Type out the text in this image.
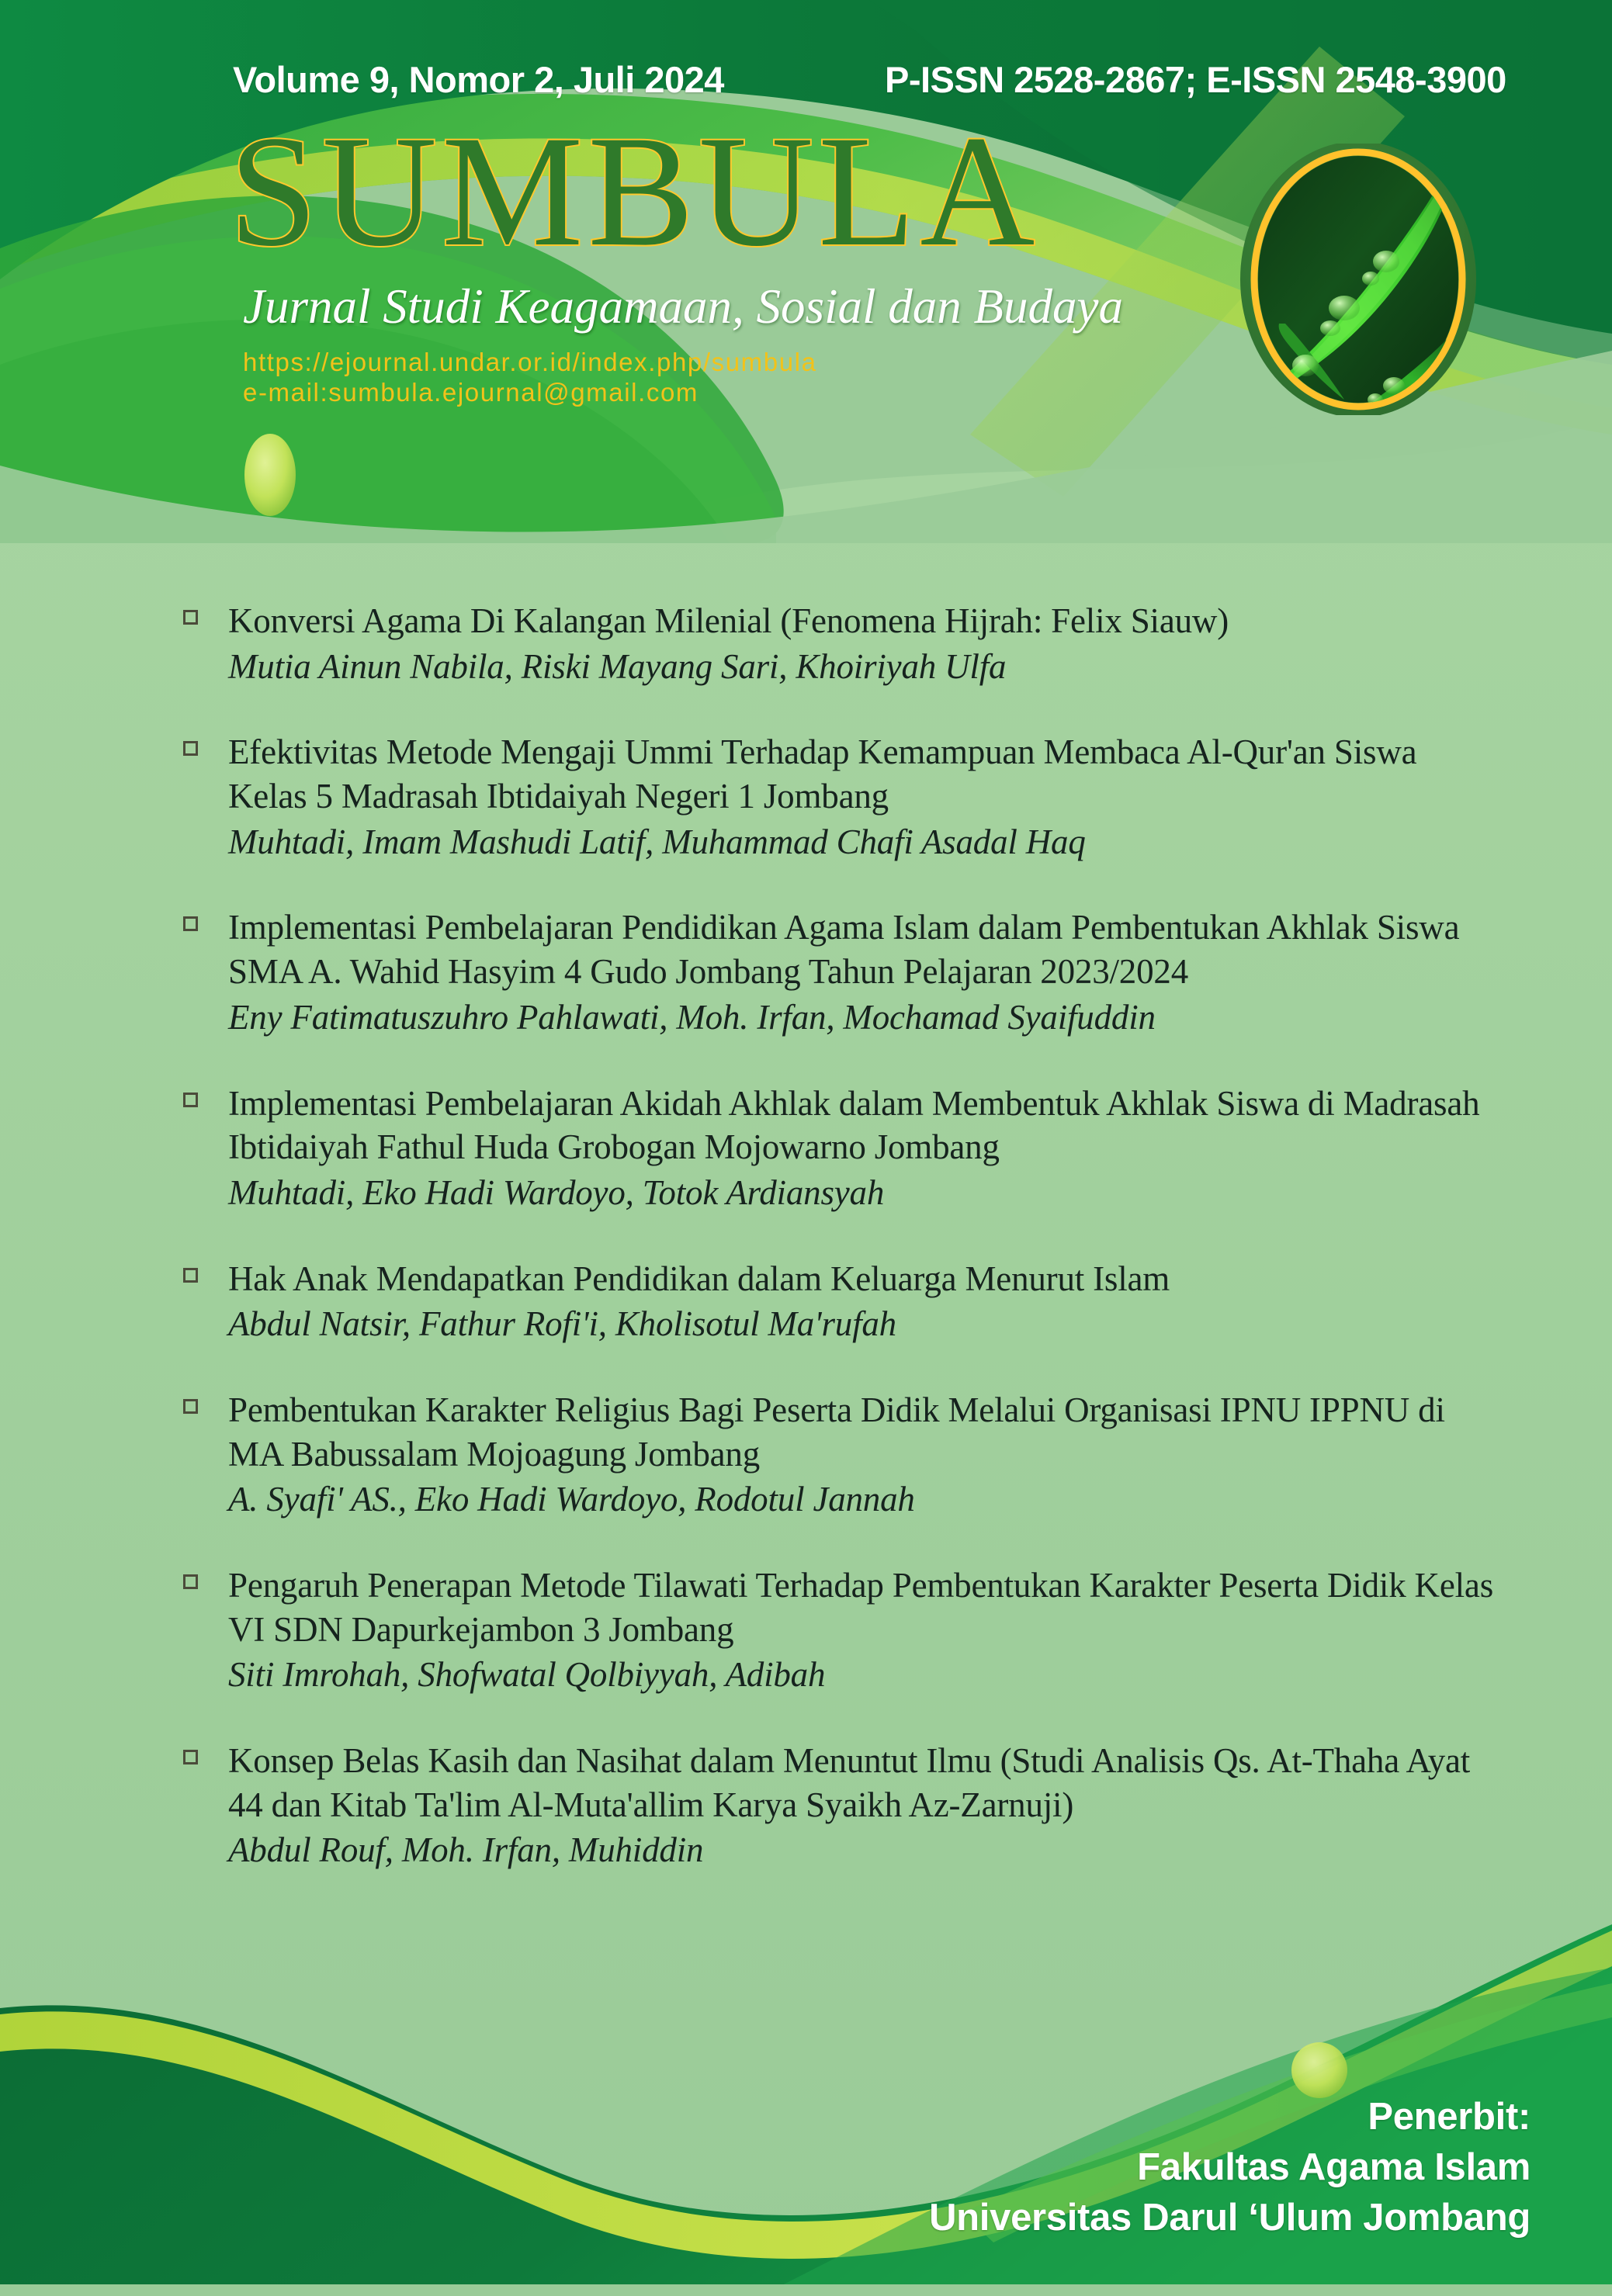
Volume 9, Nomor 2, Juli 2024	P-ISSN 2528-2867; E-ISSN 2548-3900
SUMBULA
Jurnal Studi Keagamaan, Sosial dan Budaya
https://ejournal.undar.or.id/index.php/sumbula
e-mail:sumbula.ejournal@gmail.com
Konversi Agama Di Kalangan Milenial (Fenomena Hijrah: Felix Siauw)
Mutia Ainun Nabila, Riski Mayang Sari, Khoiriyah Ulfa
Efektivitas Metode Mengaji Ummi Terhadap Kemampuan Membaca Al-Qur'an Siswa Kelas 5 Madrasah Ibtidaiyah Negeri 1 Jombang
Muhtadi, Imam Mashudi Latif, Muhammad Chafi Asadal Haq
Implementasi Pembelajaran Pendidikan Agama Islam dalam Pembentukan Akhlak Siswa SMA A. Wahid Hasyim 4 Gudo Jombang Tahun Pelajaran 2023/2024
Eny Fatimatuszuhro Pahlawati, Moh. Irfan, Mochamad Syaifuddin
Implementasi Pembelajaran Akidah Akhlak dalam Membentuk Akhlak Siswa di Madrasah Ibtidaiyah Fathul Huda Grobogan Mojowarno Jombang
Muhtadi, Eko Hadi Wardoyo, Totok Ardiansyah
Hak Anak Mendapatkan Pendidikan dalam Keluarga Menurut Islam
Abdul Natsir, Fathur Rofi'i, Kholisotul Ma'rufah
Pembentukan Karakter Religius Bagi Peserta Didik Melalui Organisasi IPNU IPPNU di MA Babussalam Mojoagung Jombang
A. Syafi' AS., Eko Hadi Wardoyo, Rodotul Jannah
Pengaruh Penerapan Metode Tilawati Terhadap Pembentukan Karakter Peserta Didik Kelas VI SDN Dapurkejambon 3 Jombang
Siti Imrohah, Shofwatal Qolbiyyah, Adibah
Konsep Belas Kasih dan Nasihat dalam Menuntut Ilmu (Studi Analisis Qs. At-Thaha Ayat 44 dan Kitab Ta'lim Al-Muta'allim Karya Syaikh Az-Zarnuji)
Abdul Rouf, Moh. Irfan, Muhiddin
Penerbit:
Fakultas Agama Islam
Universitas Darul ‘Ulum Jombang
